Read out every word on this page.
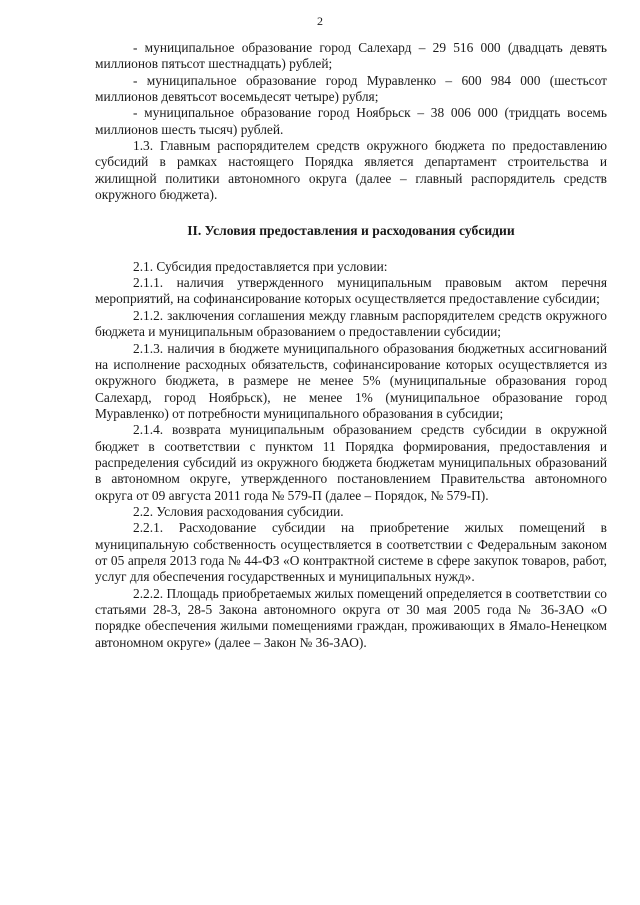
2

- муниципальное образование город Салехард – 29 516 000 (двадцать девять миллионов пятьсот шестнадцать) рублей;

- муниципальное образование город Муравленко – 600 984 000 (шестьсот миллионов девятьсот восемьдесят четыре) рубля;

- муниципальное образование город Ноябрьск – 38 006 000 (тридцать восемь миллионов шесть тысяч) рублей.

1.3. Главным распорядителем средств окружного бюджета по предоставлению субсидий в рамках настоящего Порядка является департамент строительства и жилищной политики автономного округа (далее – главный распорядитель средств окружного бюджета).

II. Условия предоставления и расходования субсидии

2.1. Субсидия предоставляется при условии:

2.1.1. наличия утвержденного муниципальным правовым актом перечня мероприятий, на софинансирование которых осуществляется предоставление субсидии;

2.1.2. заключения соглашения между главным распорядителем средств окружного бюджета и муниципальным образованием о предоставлении субсидии;

2.1.3. наличия в бюджете муниципального образования бюджетных ассигнований на исполнение расходных обязательств, софинансирование которых осуществляется из окружного бюджета, в размере не менее 5% (муниципальные образования город Салехард, город Ноябрьск), не менее 1% (муниципальное образование город Муравленко) от потребности муниципального образования в субсидии;

2.1.4. возврата муниципальным образованием средств субсидии в окружной бюджет в соответствии с пунктом 11 Порядка формирования, предоставления и распределения субсидий из окружного бюджета бюджетам муниципальных образований в автономном округе, утвержденного постановлением Правительства автономного округа от 09 августа 2011 года № 579-П (далее – Порядок, № 579-П).

2.2. Условия расходования субсидии.

2.2.1. Расходование субсидии на приобретение жилых помещений в муниципальную собственность осуществляется в соответствии с Федеральным законом от 05 апреля 2013 года № 44-ФЗ «О контрактной системе в сфере закупок товаров, работ, услуг для обеспечения государственных и муниципальных нужд».

2.2.2. Площадь приобретаемых жилых помещений определяется в соответствии со статьями 28-3, 28-5 Закона автономного округа от 30 мая 2005 года № 36-ЗАО «О порядке обеспечения жилыми помещениями граждан, проживающих в Ямало-Ненецком автономном округе» (далее – Закон № 36-ЗАО).
